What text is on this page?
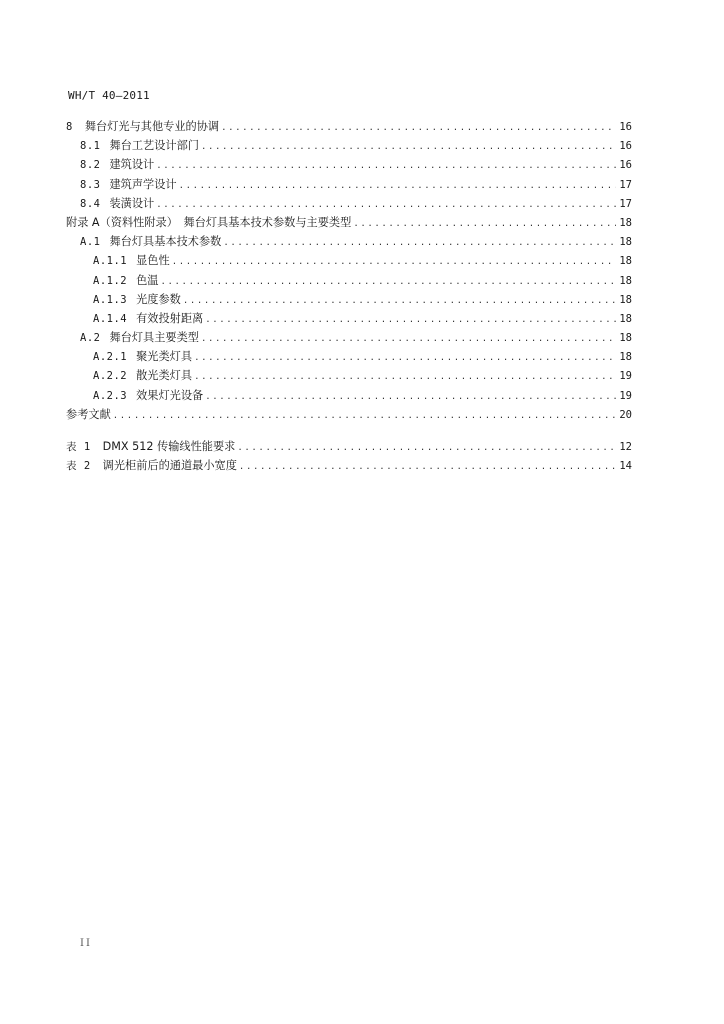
WH/T 40—2011
8 舞台灯光与其他专业的协调 .....	16
8.1 舞台工艺设计部门 .....	16
8.2 建筑设计 .....	16
8.3 建筑声学设计 .....	17
8.4 装潢设计 .....	17
附录 A（资料性附录）　舞台灯具基本技术参数与主要类型 .....	18
A.1 舞台灯具基本技术参数 .....	18
A.1.1 显色性 .....	18
A.1.2 色温 .....	18
A.1.3 光度参数 .....	18
A.1.4 有效投射距离 .....	18
A.2 舞台灯具主要类型 .....	18
A.2.1 聚光类灯具 .....	18
A.2.2 散光类灯具 .....	19
A.2.3 效果灯光设备 .....	19
参考文献 .....	20
表 1 DMX 512 传输线性能要求 .....	12
表 2 调光柜前后的通道最小宽度 .....	14
II
